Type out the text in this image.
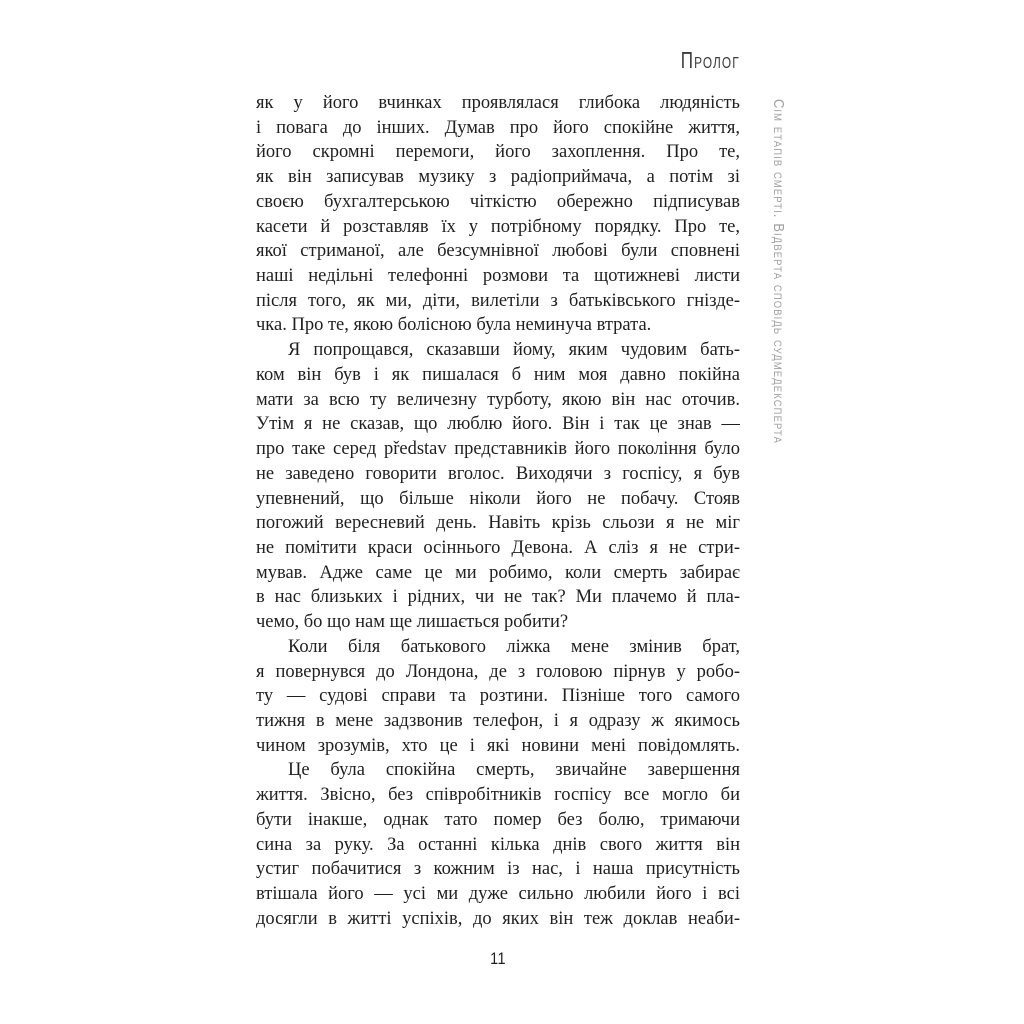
Пролог
Сім етапів смерті. Відверта сповідь судмедексперта
як у його вчинках проявлялася глибока людяність
і повага до інших. Думав про його спокійне життя,
його скромні перемоги, його захоплення. Про те,
як він записував музику з радіоприймача, а потім зі
своєю бухгалтерською чіткістю обережно підписував
касети й розставляв їх у потрібному порядку. Про те,
якої стриманої, але безсумнівної любові були сповнені
наші недільні телефонні розмови та щотижневі листи
після того, як ми, діти, вилетіли з батьківського гнізде-
чка. Про те, якою болісною була неминуча втрата.
Я попрощався, сказавши йому, яким чудовим бать-
ком він був і як пишалася б ним моя давно покійна
мати за всю ту величезну турботу, якою він нас оточив.
Утім я не сказав, що люблю його. Він і так це знав —
про таке серед představ представників його покоління було
не заведено говорити вголос. Виходячи з госпісу, я був
упевнений, що більше ніколи його не побачу. Стояв
погожий вересневий день. Навіть крізь сльози я не міг
не помітити краси осіннього Девона. А сліз я не стри-
мував. Адже саме це ми робимо, коли смерть забирає
в нас близьких і рідних, чи не так? Ми плачемо й пла-
чемо, бо що нам ще лишається робити?
Коли біля батькового ліжка мене змінив брат,
я повернувся до Лондона, де з головою пірнув у робо-
ту — судові справи та розтини. Пізніше того самого
тижня в мене задзвонив телефон, і я одразу ж якимось
чином зрозумів, хто це і які новини мені повідомлять.
Це була спокійна смерть, звичайне завершення
життя. Звісно, без співробітників госпісу все могло би
бути інакше, однак тато помер без болю, тримаючи
сина за руку. За останні кілька днів свого життя він
устиг побачитися з кожним із нас, і наша присутність
втішала його — усі ми дуже сильно любили його і всі
досягли в житті успіхів, до яких він теж доклав неаби-
11
